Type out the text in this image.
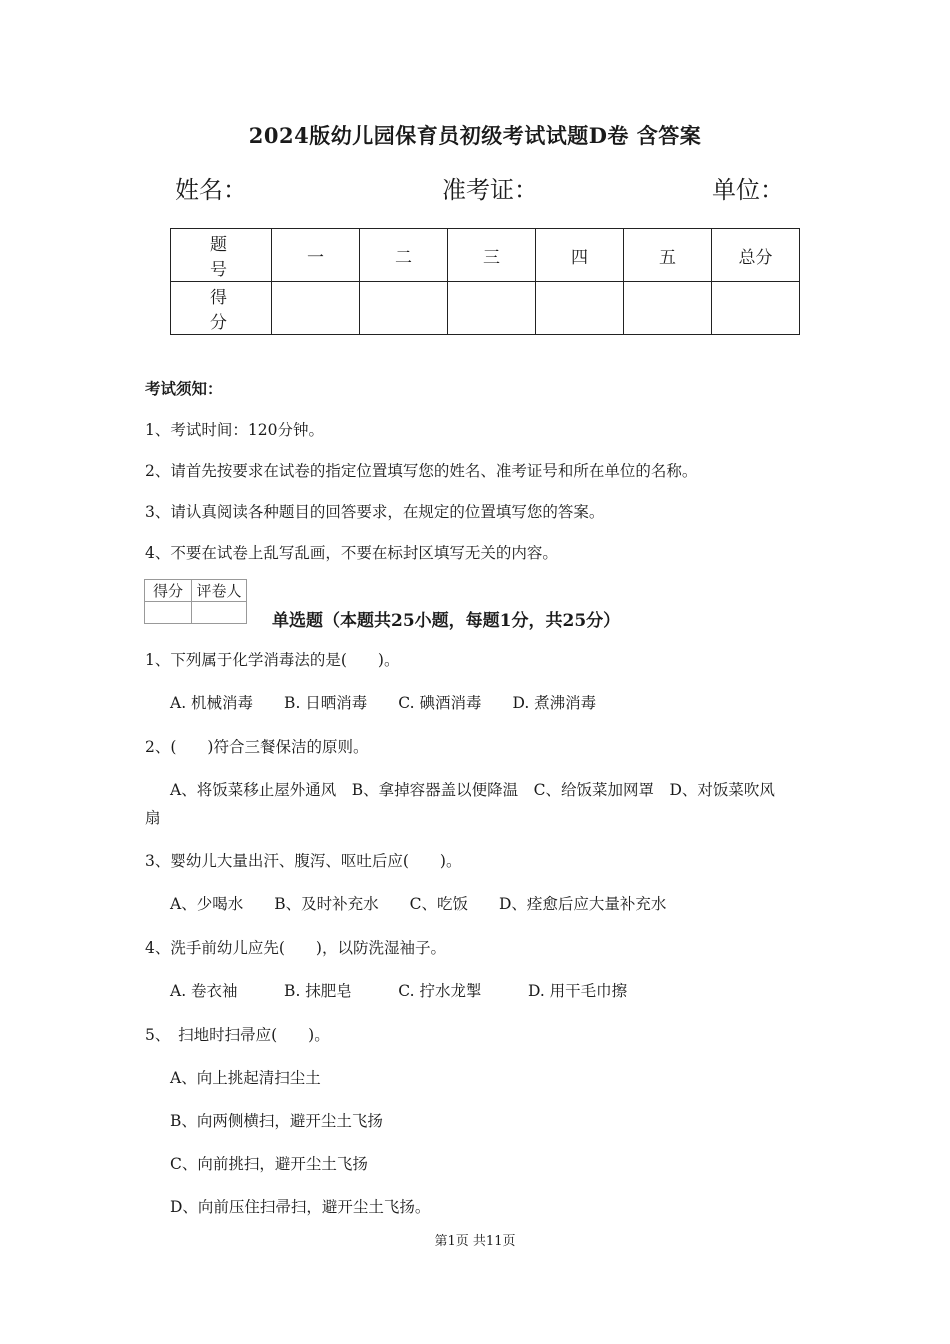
2024版幼儿园保育员初级考试试题D卷 含答案
姓名：	准考证：	单位：
题 号	一	二	三	四	五	总分
得 分						
考试须知：
1、考试时间：120分钟。
2、请首先按要求在试卷的指定位置填写您的姓名、准考证号和所在单位的名称。
3、请认真阅读各种题目的回答要求，在规定的位置填写您的答案。
4、不要在试卷上乱写乱画，不要在标封区填写无关的内容。
得分	评卷人

单选题（本题共25小题，每题1分，共25分）
1、下列属于化学消毒法的是(　　)。
A. 机械消毒　　B. 日晒消毒　　C. 碘酒消毒　　D. 煮沸消毒
2、(　　)符合三餐保洁的原则。
A、将饭菜移止屋外通风　B、拿掉容器盖以便降温　C、给饭菜加网罩　D、对饭菜吹风
扇
3、婴幼儿大量出汗、腹泻、呕吐后应(　　)。
A、少喝水　　B、及时补充水　　C、吃饭　　D、痊愈后应大量补充水
4、洗手前幼儿应先(　　)，以防洗湿袖子。
A. 卷衣袖　　　B. 抹肥皂　　　C. 拧水龙掣　　　D. 用干毛巾擦
5、　扫地时扫帚应(　　)。
A、向上挑起清扫尘土
B、向两侧横扫，避开尘土飞扬
C、向前挑扫，避开尘土飞扬
D、向前压住扫帚扫，避开尘土飞扬。
第1页 共11页
